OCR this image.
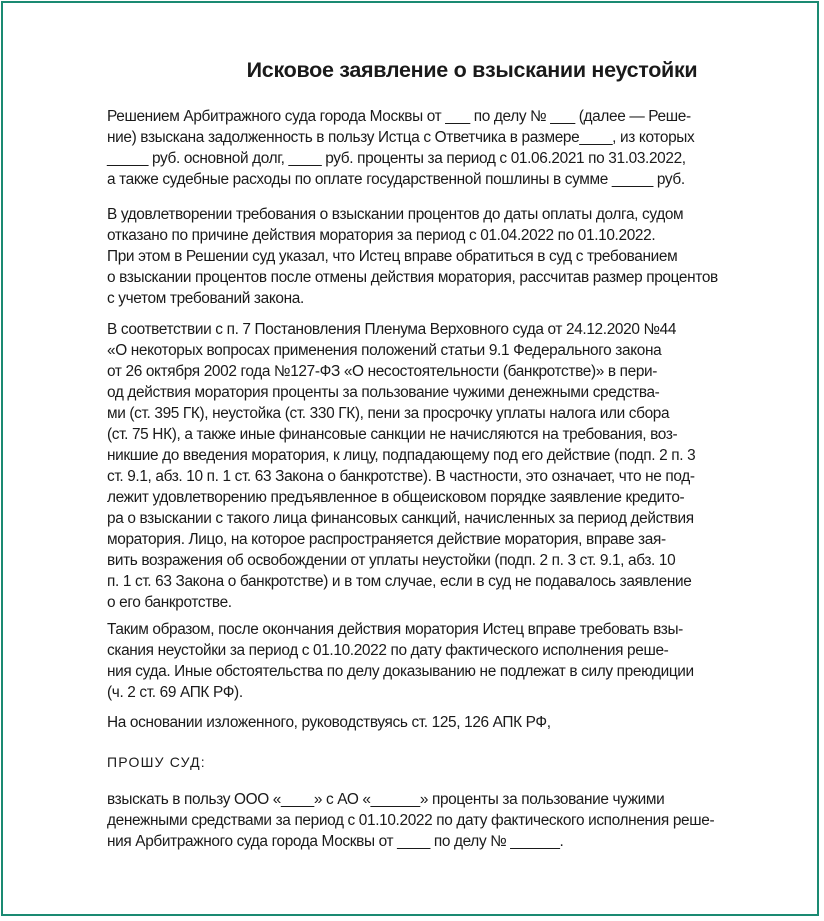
Исковое заявление о взыскании неустойки
Решением Арбитражного суда города Москвы от ___ по делу № ___ (далее — Реше-
ние) взыскана задолженность в пользу Истца с Ответчика в размере____, из которых
_____ руб. основной долг, ____ руб. проценты за период с 01.06.2021 по 31.03.2022,
а также судебные расходы по оплате государственной пошлины в сумме _____ руб.
В удовлетворении требования о взыскании процентов до даты оплаты долга, судом
отказано по причине действия моратория за период с 01.04.2022 по 01.10.2022.
При этом в Решении суд указал, что Истец вправе обратиться в суд с требованием
о взыскании процентов после отмены действия моратория, рассчитав размер процентов
с учетом требований закона.
В соответствии с п. 7 Постановления Пленума Верховного суда от 24.12.2020 №44
«О некоторых вопросах применения положений статьи 9.1 Федерального закона
от 26 октября 2002 года №127-ФЗ «О несостоятельности (банкротстве)» в пери-
од действия моратория проценты за пользование чужими денежными средства-
ми (ст. 395 ГК), неустойка (ст. 330 ГК), пени за просрочку уплаты налога или сбора
(ст. 75 НК), а также иные финансовые санкции не начисляются на требования, воз-
никшие до введения моратория, к лицу, подпадающему под его действие (подп. 2 п. 3
ст. 9.1, абз. 10 п. 1 ст. 63 Закона о банкротстве). В частности, это означает, что не под-
лежит удовлетворению предъявленное в общеисковом порядке заявление кредито-
ра о взыскании с такого лица финансовых санкций, начисленных за период действия
моратория. Лицо, на которое распространяется действие моратория, вправе зая-
вить возражения об освобождении от уплаты неустойки (подп. 2 п. 3 ст. 9.1, абз. 10
п. 1 ст. 63 Закона о банкротстве) и в том случае, если в суд не подавалось заявление
о его банкротстве.
Таким образом, после окончания действия моратория Истец вправе требовать взы-
скания неустойки за период с 01.10.2022 по дату фактического исполнения реше-
ния суда. Иные обстоятельства по делу доказыванию не подлежат в силу преюдиции
(ч. 2 ст. 69 АПК РФ).
На основании изложенного, руководствуясь ст. 125, 126 АПК РФ,
ПРОШУ СУД:
взыскать в пользу ООО «____» с АО «______» проценты за пользование чужими
денежными средствами за период с 01.10.2022 по дату фактического исполнения реше-
ния Арбитражного суда города Москвы от ____ по делу № ______.
